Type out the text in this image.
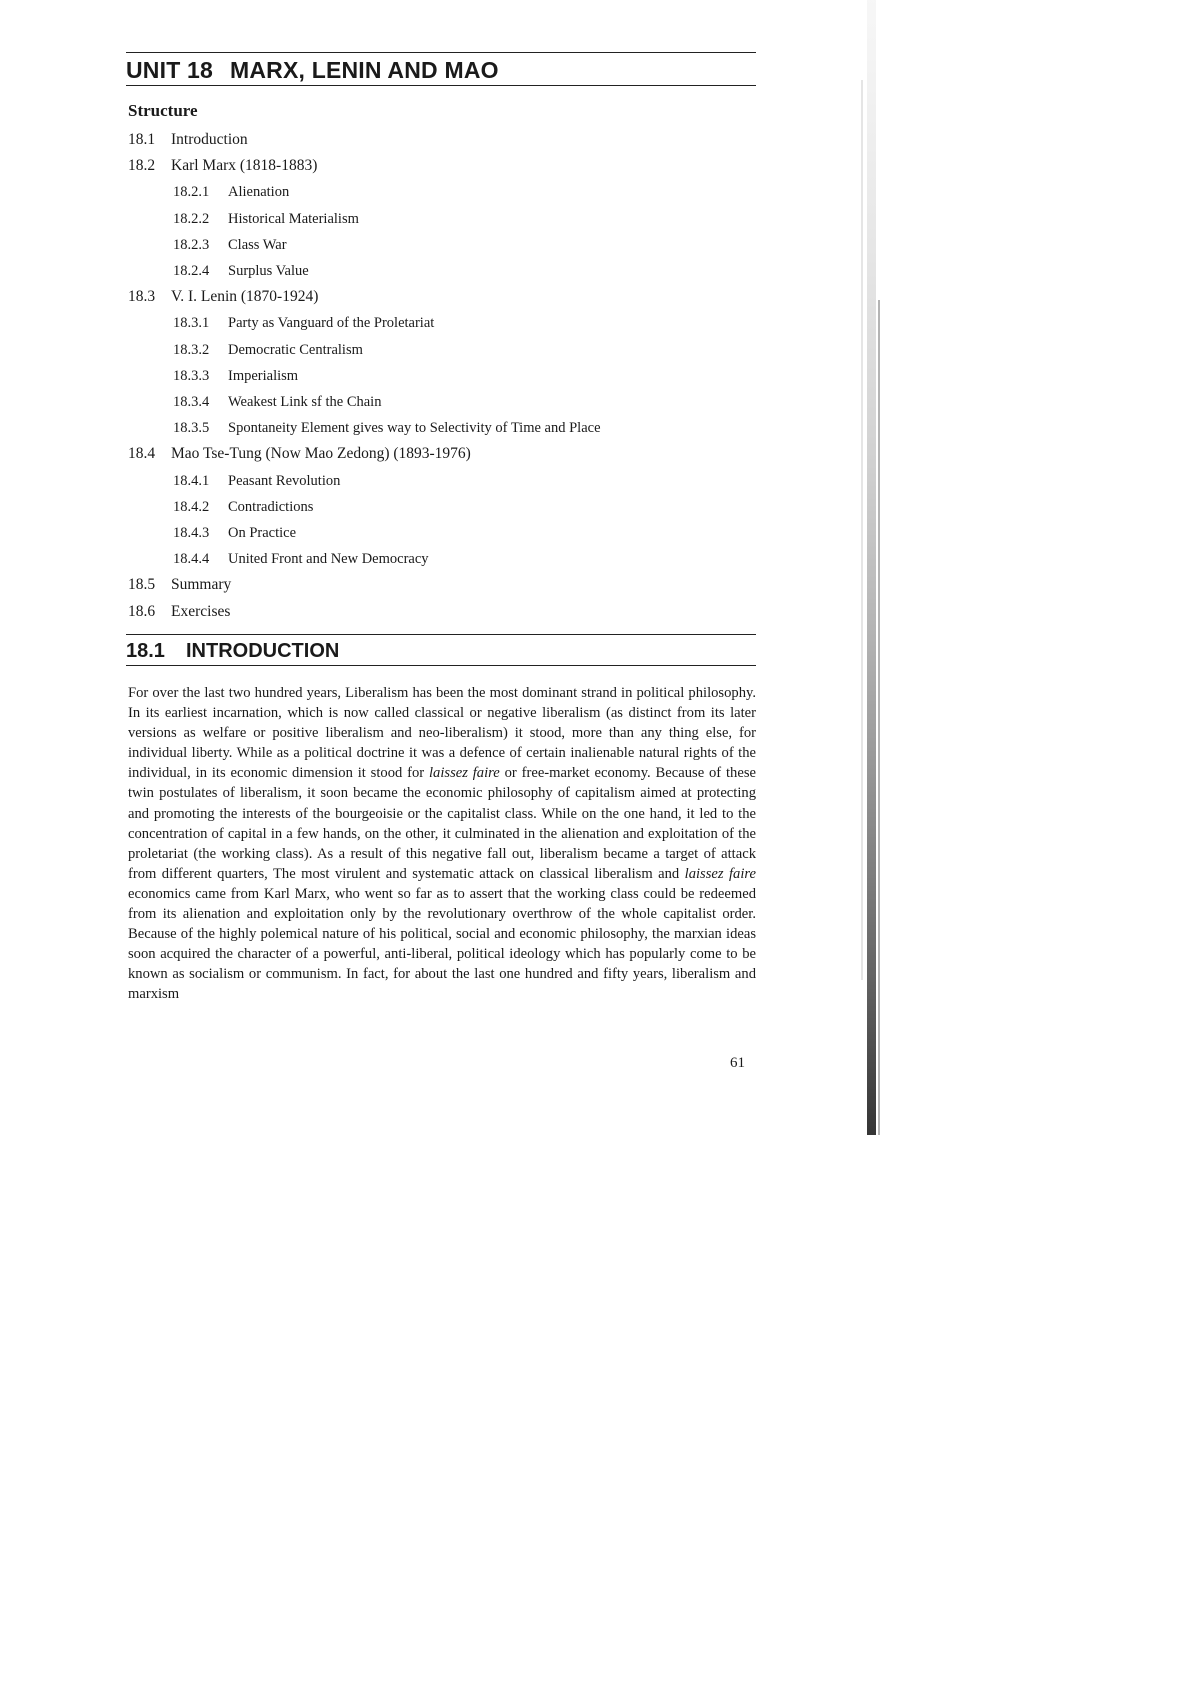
UNIT 18 MARX, LENIN AND MAO
Structure
18.1 Introduction
18.2 Karl Marx (1818-1883)
18.2.1 Alienation
18.2.2 Historical Materialism
18.2.3 Class War
18.2.4 Surplus Value
18.3 V. I. Lenin (1870-1924)
18.3.1 Party as Vanguard of the Proletariat
18.3.2 Democratic Centralism
18.3.3 Imperialism
18.3.4 Weakest Link sf the Chain
18.3.5 Spontaneity Element gives way to Selectivity of Time and Place
18.4 Mao Tse-Tung (Now Mao Zedong) (1893-1976)
18.4.1 Peasant Revolution
18.4.2 Contradictions
18.4.3 On Practice
18.4.4 United Front and New Democracy
18.5 Summary
18.6 Exercises
18.1 INTRODUCTION

For over the last two hundred years, Liberalism has been the most dominant strand in political philosophy. In its earliest incarnation, which is now called classical or negative liberalism (as distinct from its later versions as welfare or positive liberalism and neo-liberalism) it stood, more than any thing else, for individual liberty. While as a political doctrine it was a defence of certain inalienable natural rights of the individual, in its economic dimension it stood for laissez faire or free-market economy. Because of these twin postulates of liberalism, it soon became the economic philosophy of capitalism aimed at protecting and promoting the interests of the bourgeoisie or the capitalist class. While on the one hand, it led to the concentration of capital in a few hands, on the other, it culminated in the alienation and exploitation of the proletariat (the working class). As a result of this negative fall out, liberalism became a target of attack from different quarters, The most virulent and systematic attack on classical liberalism and laissez faire economics came from Karl Marx, who went so far as to assert that the working class could be redeemed from its alienation and exploitation only by the revolutionary overthrow of the whole capitalist order. Because of the highly polemical nature of his political, social and economic philosophy, the marxian ideas soon acquired the character of a powerful, anti-liberal, political ideology which has popularly come to be known as socialism or communism. In fact, for about the last one hundred and fifty years, liberalism and marxism

61
